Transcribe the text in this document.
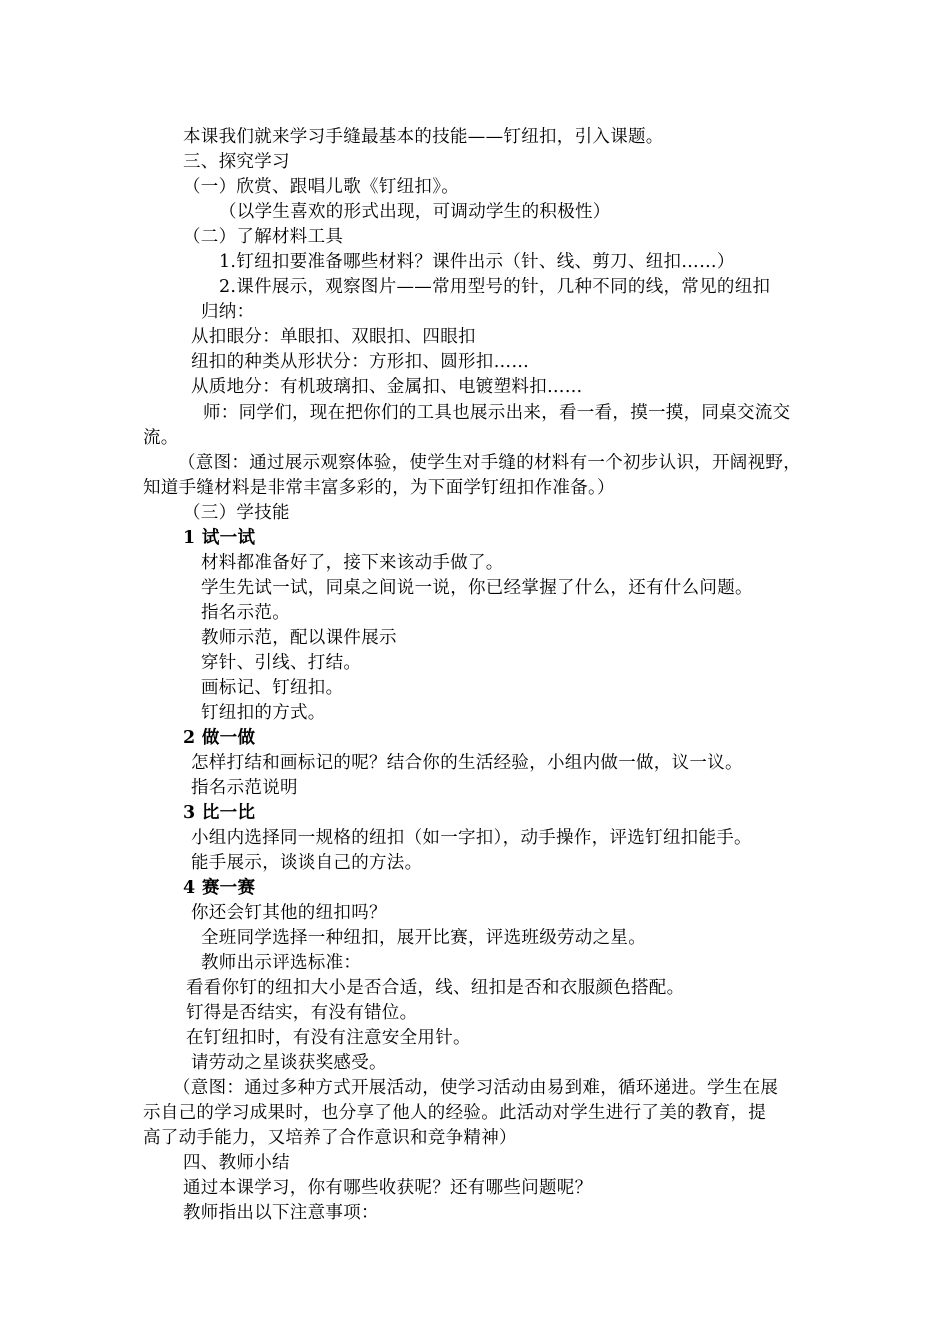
本课我们就来学习手缝最基本的技能——钉纽扣，引入课题。
三、探究学习
（一）欣赏、跟唱儿歌《钉纽扣》。
（以学生喜欢的形式出现，可调动学生的积极性）
（二）了解材料工具
1.钉纽扣要准备哪些材料？课件出示（针、线、剪刀、纽扣……）
2.课件展示，观察图片——常用型号的针，几种不同的线，常见的纽扣
归纳：
从扣眼分：单眼扣、双眼扣、四眼扣
纽扣的种类从形状分：方形扣、圆形扣……
从质地分：有机玻璃扣、金属扣、电镀塑料扣……
师：同学们，现在把你们的工具也展示出来，看一看，摸一摸，同桌交流交
流。
（意图：通过展示观察体验，使学生对手缝的材料有一个初步认识，开阔视野，
知道手缝材料是非常丰富多彩的，为下面学钉纽扣作准备。）
（三）学技能
1 试一试
材料都准备好了，接下来该动手做了。
学生先试一试，同桌之间说一说，你已经掌握了什么，还有什么问题。
指名示范。
教师示范，配以课件展示
穿针、引线、打结。
画标记、钉纽扣。
钉纽扣的方式。
2 做一做
怎样打结和画标记的呢？结合你的生活经验，小组内做一做，议一议。
指名示范说明
3 比一比
小组内选择同一规格的纽扣（如一字扣），动手操作，评选钉纽扣能手。
能手展示，谈谈自己的方法。
4 赛一赛
你还会钉其他的纽扣吗？
全班同学选择一种纽扣，展开比赛，评选班级劳动之星。
教师出示评选标准：
看看你钉的纽扣大小是否合适，线、纽扣是否和衣服颜色搭配。
钉得是否结实，有没有错位。
在钉纽扣时，有没有注意安全用针。
请劳动之星谈获奖感受。
（意图：通过多种方式开展活动，使学习活动由易到难，循环递进。学生在展
示自己的学习成果时，也分享了他人的经验。此活动对学生进行了美的教育，提
高了动手能力，又培养了合作意识和竞争精神）
四、教师小结
通过本课学习，你有哪些收获呢？还有哪些问题呢？
教师指出以下注意事项：
